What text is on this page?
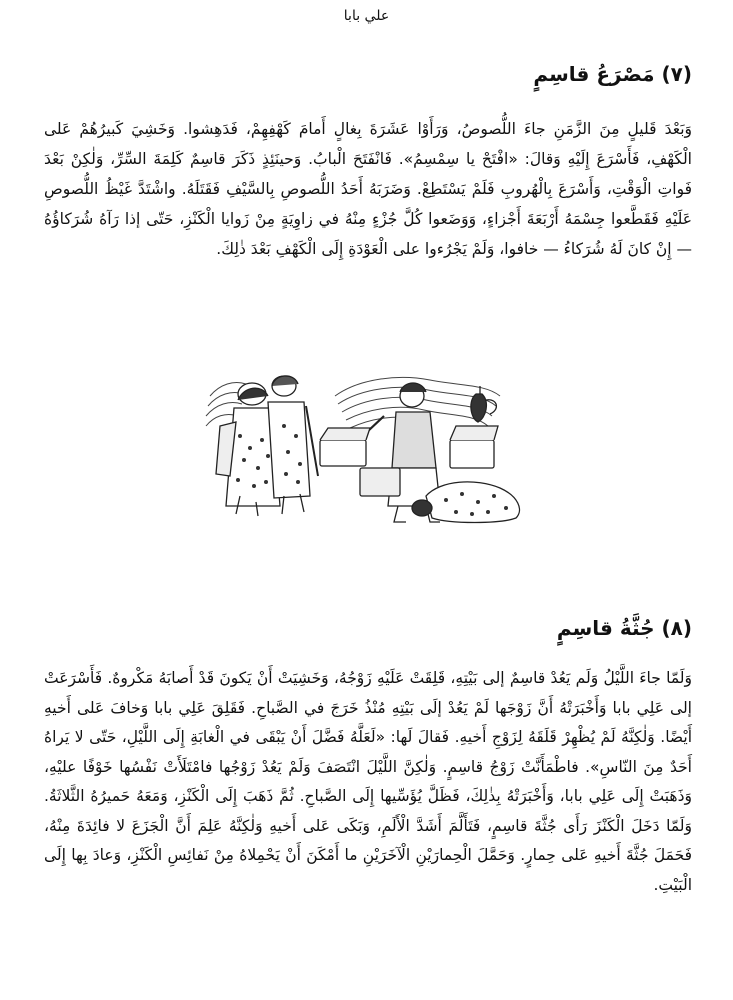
علي بابا
(٧) مَصْرَعُ قاسِمٍ

وَبَعْدَ قَليلٍ مِنَ الزَّمَنِ جاءَ اللُّصوصُ، وَرَأَوْا عَشَرَةَ بِغالٍ أَمامَ كَهْفِهِمْ، فَدَهِشوا. وَخَشِيَ كَبيرُهُمْ عَلى الْكَهْفِ، فَأَسْرَعَ إِلَيْهِ وَقالَ: «افْتَحْ يا سِمْسِمُ». فَانْفَتَحَ الْبابُ. وَحينَئِذٍ ذَكَرَ قاسِمٌ كَلِمَةَ السِّرِّ، وَلٰكِنْ بَعْدَ فَواتِ الْوَقْتِ، وَأَسْرَعَ بِالْهُروبِ فَلَمْ يَسْتَطِعْ. وَضَرَبَهُ أَحَدُ اللُّصوصِ بِالسَّيْفِ فَقَتَلَهُ. واشْتَدَّ غَيْظُ اللُّصوصِ عَلَيْهِ فَقَطَّعوا جِسْمَهُ أَرْبَعَةَ أَجْزاءٍ، وَوَضَعوا كُلَّ جُزْءٍ مِنْهُ في زاوِيَةٍ مِنْ زَوايا الْكَنْزِ، حَتّى إذا رَآهُ شُرَكاؤُهُ — إِنْ كانَ لَهُ شُرَكاءُ — خافوا، وَلَمْ يَجْرُءوا على الْعَوْدَةِ إِلَى الْكَهْفِ بَعْدَ ذٰلِكَ.

(٨) جُثَّةُ قاسِمٍ

وَلَمّا جاءَ اللَّيْلُ وَلَم يَعُدْ قاسِمٌ إلى بَيْتِهِ، قَلِقَتْ عَلَيْهِ زَوْجُهُ، وَخَشِيَتْ أَنْ يَكونَ قَدْ أَصابَهُ مَكْروهٌ. فَأَسْرَعَتْ إلى عَلِي بابا وَأَخْبَرَتْهُ أَنَّ زَوْجَها لَمْ يَعُدْ إلَى بَيْتِهِ مُنْذُ خَرَجَ في الصَّباحِ. فَقَلِقَ عَلِي بابا وَخافَ عَلى أَخيهِ أَيْضًا. وَلٰكِنَّهُ لَمْ يُظْهِرْ قَلَقَهُ لِزَوْجِ أَخيهِ. فَقالَ لَها: «لَعَلَّهُ فَضَّلَ أَنْ يَبْقَى في الْغابَةِ إِلَى اللَّيْلِ، حَتّى لا يَراهُ أَحَدٌ مِنَ النّاسِ». فاطْمَأَنَّتْ زَوْجُ قاسِمٍ. وَلٰكِنَّ اللَّيْلَ انْتَصَفَ وَلَمْ يَعُدْ زَوْجُها فامْتَلَأَتْ نَفْسُها خَوْفًا عليْهِ، وَذَهَبَتْ إِلَى عَلِي بابا، وَأَخْبَرَتْهُ بِذٰلِكَ، فَظَلَّ يُؤَسِّيها إِلَى الصَّباحِ. ثُمَّ ذَهَبَ إِلَى الْكَنْزِ، وَمَعَهُ حَميرُهُ الثَّلاثَةُ. وَلَمّا دَخَلَ الْكَنْزَ رَأَى جُثَّةَ قاسِمٍ، فَتَأَلَّمَ أَشَدَّ الْأَلَمِ، وَبَكَى عَلى أَخيهِ وَلٰكِنَّهُ عَلِمَ أَنَّ الْجَزَعَ لا فائِدَةَ مِنْهُ، فَحَمَلَ جُثَّةَ أَخيهِ عَلى حِمارٍ. وَحَمَّلَ الْحِمارَيْنِ الْآخَرَيْنِ ما أَمْكَنَ أَنْ يَحْمِلاهُ مِنْ نَفائِسِ الْكَنْزِ، وَعادَ بِها إِلَى الْبَيْتِ.
